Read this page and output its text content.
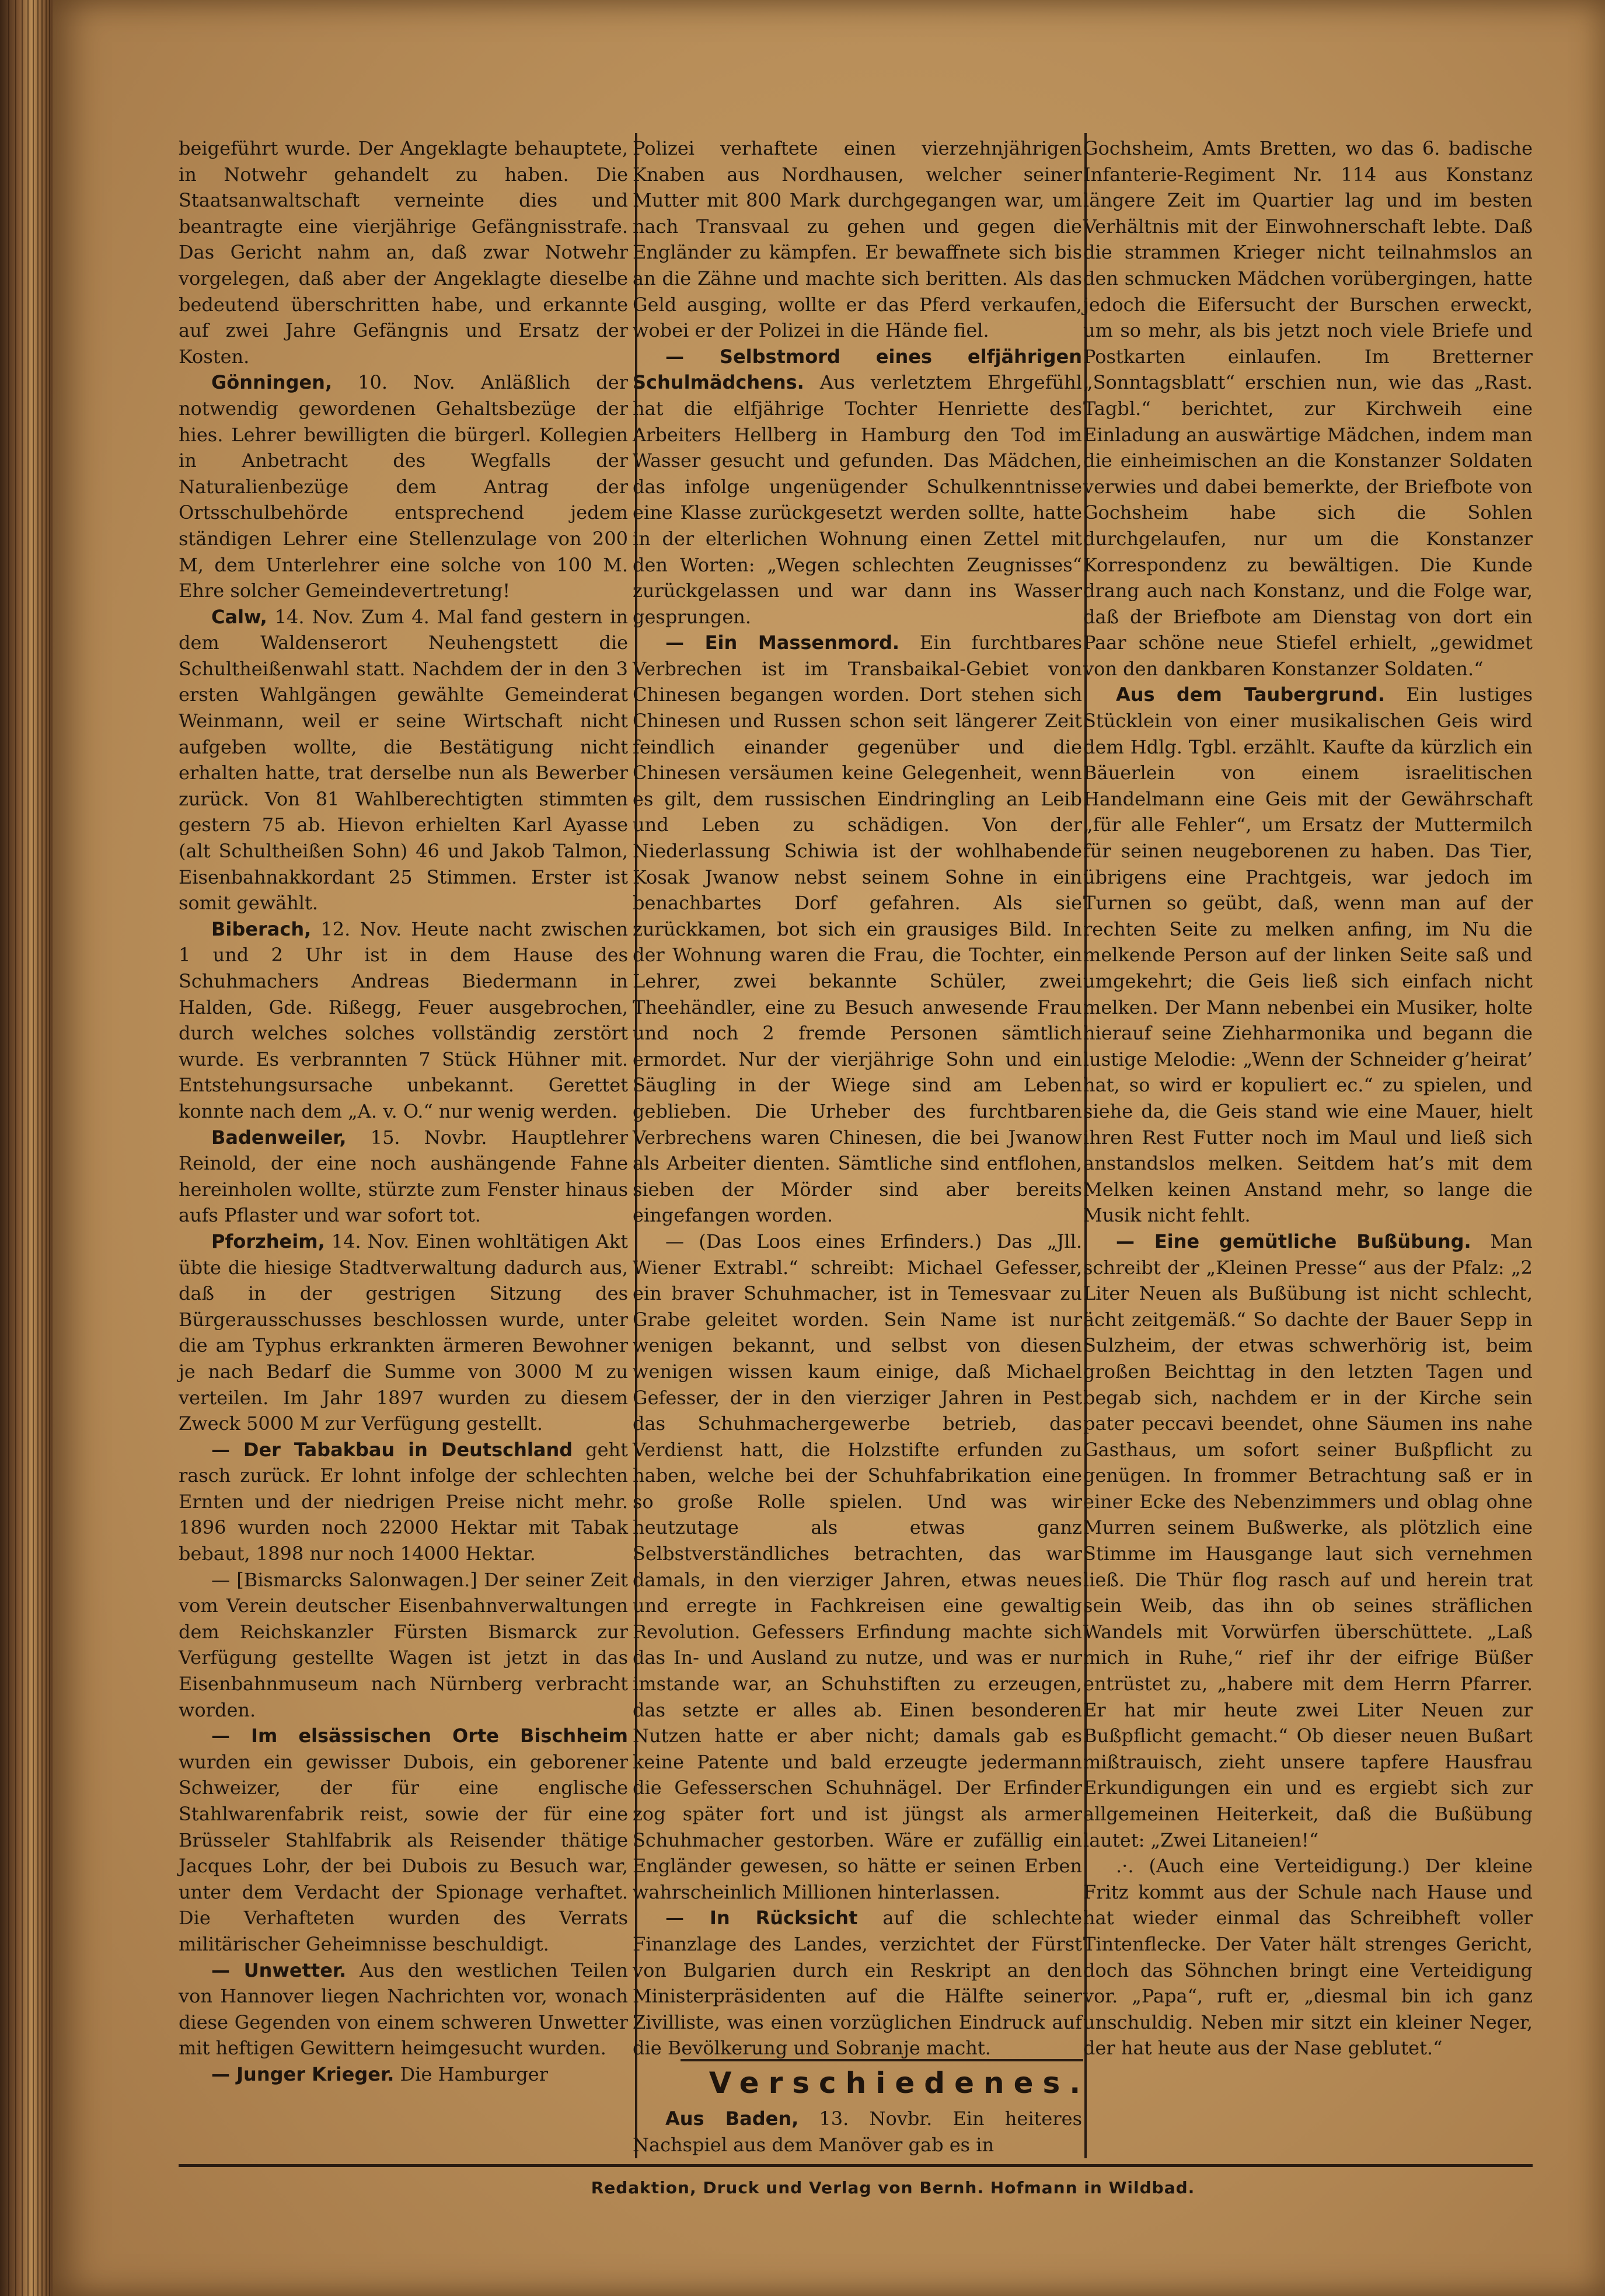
beigeführt wurde. Der Angeklagte behauptete, in Notwehr gehandelt zu haben. Die Staatsanwaltschaft verneinte dies und beantragte eine vierjährige Gefängnisstrafe. Das Gericht nahm an, daß zwar Notwehr vorgelegen, daß aber der Angeklagte dieselbe bedeutend überschritten habe, und erkannte auf zwei Jahre Gefängnis und Ersatz der Kosten.

Gönningen, 10. Nov. Anläßlich der notwendig gewordenen Gehaltsbezüge der hies. Lehrer bewilligten die bürgerl. Kollegien in Anbetracht des Wegfalls der Naturalienbezüge dem Antrag der Ortsschulbehörde entsprechend jedem ständigen Lehrer eine Stellenzulage von 200 M, dem Unterlehrer eine solche von 100 M. Ehre solcher Gemeindevertretung!

Calw, 14. Nov. Zum 4. Mal fand gestern in dem Waldenserort Neuhengstett die Schultheißenwahl statt. Nachdem der in den 3 ersten Wahlgängen gewählte Gemeinderat Weinmann, weil er seine Wirtschaft nicht aufgeben wollte, die Bestätigung nicht erhalten hatte, trat derselbe nun als Bewerber zurück. Von 81 Wahlberechtigten stimmten gestern 75 ab. Hievon erhielten Karl Ayasse (alt Schultheißen Sohn) 46 und Jakob Talmon, Eisenbahnakkordant 25 Stimmen. Erster ist somit gewählt.

Biberach, 12. Nov. Heute nacht zwischen 1 und 2 Uhr ist in dem Hause des Schuhmachers Andreas Biedermann in Halden, Gde. Rißegg, Feuer ausgebrochen, durch welches solches vollständig zerstört wurde. Es verbrannten 7 Stück Hühner mit. Entstehungsursache unbekannt. Gerettet konnte nach dem „A. v. O.“ nur wenig werden.

Badenweiler, 15. Novbr. Hauptlehrer Reinold, der eine noch aushängende Fahne hereinholen wollte, stürzte zum Fenster hinaus aufs Pflaster und war sofort tot.

Pforzheim, 14. Nov. Einen wohltätigen Akt übte die hiesige Stadtverwaltung dadurch aus, daß in der gestrigen Sitzung des Bürgerausschusses beschlossen wurde, unter die am Typhus erkrankten ärmeren Bewohner je nach Bedarf die Summe von 3000 M zu verteilen. Im Jahr 1897 wurden zu diesem Zweck 5000 M zur Verfügung gestellt.

— Der Tabakbau in Deutschland geht rasch zurück. Er lohnt infolge der schlechten Ernten und der niedrigen Preise nicht mehr. 1896 wurden noch 22000 Hektar mit Tabak bebaut, 1898 nur noch 14000 Hektar.

— [Bismarcks Salonwagen.] Der seiner Zeit vom Verein deutscher Eisenbahnverwaltungen dem Reichskanzler Fürsten Bismarck zur Verfügung gestellte Wagen ist jetzt in das Eisenbahnmuseum nach Nürnberg verbracht worden.

— Im elsässischen Orte Bischheim wurden ein gewisser Dubois, ein geborener Schweizer, der für eine englische Stahlwarenfabrik reist, sowie der für eine Brüsseler Stahlfabrik als Reisender thätige Jacques Lohr, der bei Dubois zu Besuch war, unter dem Verdacht der Spionage verhaftet. Die Verhafteten wurden des Verrats militärischer Geheimnisse beschuldigt.

— Unwetter. Aus den westlichen Teilen von Hannover liegen Nachrichten vor, wonach diese Gegenden von einem schweren Unwetter mit heftigen Gewittern heimgesucht wurden.

— Junger Krieger. Die Hamburger

Polizei verhaftete einen vierzehnjährigen Knaben aus Nordhausen, welcher seiner Mutter mit 800 Mark durchgegangen war, um nach Transvaal zu gehen und gegen die Engländer zu kämpfen. Er bewaffnete sich bis an die Zähne und machte sich beritten. Als das Geld ausging, wollte er das Pferd verkaufen, wobei er der Polizei in die Hände fiel.

— Selbstmord eines elfjährigen Schulmädchens. Aus verletztem Ehrgefühl hat die elfjährige Tochter Henriette des Arbeiters Hellberg in Hamburg den Tod im Wasser gesucht und gefunden. Das Mädchen, das infolge ungenügender Schulkenntnisse eine Klasse zurückgesetzt werden sollte, hatte in der elterlichen Wohnung einen Zettel mit den Worten: „Wegen schlechten Zeugnisses“ zurückgelassen und war dann ins Wasser gesprungen.

— Ein Massenmord. Ein furchtbares Verbrechen ist im Transbaikal-Gebiet von Chinesen begangen worden. Dort stehen sich Chinesen und Russen schon seit längerer Zeit feindlich einander gegenüber und die Chinesen versäumen keine Gelegenheit, wenn es gilt, dem russischen Eindringling an Leib und Leben zu schädigen. Von der Niederlassung Schiwia ist der wohlhabende Kosak Jwanow nebst seinem Sohne in ein benachbartes Dorf gefahren. Als sie zurückkamen, bot sich ein grausiges Bild. In der Wohnung waren die Frau, die Tochter, ein Lehrer, zwei bekannte Schüler, zwei Theehändler, eine zu Besuch anwesende Frau und noch 2 fremde Personen sämtlich ermordet. Nur der vierjährige Sohn und ein Säugling in der Wiege sind am Leben geblieben. Die Urheber des furchtbaren Verbrechens waren Chinesen, die bei Jwanow als Arbeiter dienten. Sämtliche sind entflohen, sieben der Mörder sind aber bereits eingefangen worden.

— (Das Loos eines Erfinders.) Das „Jll. Wiener Extrabl.“ schreibt: Michael Gefesser, ein braver Schuhmacher, ist in Temesvaar zu Grabe geleitet worden. Sein Name ist nur wenigen bekannt, und selbst von diesen wenigen wissen kaum einige, daß Michael Gefesser, der in den vierziger Jahren in Pest das Schuhmachergewerbe betrieb, das Verdienst hatt, die Holzstifte erfunden zu haben, welche bei der Schuhfabrikation eine so große Rolle spielen. Und was wir heutzutage als etwas ganz Selbstverständliches betrachten, das war damals, in den vierziger Jahren, etwas neues und erregte in Fachkreisen eine gewaltig Revolution. Gefessers Erfindung machte sich das In- und Ausland zu nutze, und was er nur imstande war, an Schuhstiften zu erzeugen, das setzte er alles ab. Einen besonderen Nutzen hatte er aber nicht; damals gab es keine Patente und bald erzeugte jedermann die Gefesserschen Schuhnägel. Der Erfinder zog später fort und ist jüngst als armer Schuhmacher gestorben. Wäre er zufällig ein Engländer gewesen, so hätte er seinen Erben wahrscheinlich Millionen hinterlassen.

— In Rücksicht auf die schlechte Finanzlage des Landes, verzichtet der Fürst von Bulgarien durch ein Reskript an den Ministerpräsidenten auf die Hälfte seiner Zivilliste, was einen vorzüglichen Eindruck auf die Bevölkerung und Sobranje macht.

Gochsheim, Amts Bretten, wo das 6. badische Infanterie-Regiment Nr. 114 aus Konstanz längere Zeit im Quartier lag und im besten Verhältnis mit der Einwohnerschaft lebte. Daß die strammen Krieger nicht teilnahmslos an den schmucken Mädchen vorübergingen, hatte jedoch die Eifersucht der Burschen erweckt, um so mehr, als bis jetzt noch viele Briefe und Postkarten einlaufen. Im Bretterner „Sonntagsblatt“ erschien nun, wie das „Rast. Tagbl.“ berichtet, zur Kirchweih eine Einladung an auswärtige Mädchen, indem man die einheimischen an die Konstanzer Soldaten verwies und dabei bemerkte, der Briefbote von Gochsheim habe sich die Sohlen durchgelaufen, nur um die Konstanzer Korrespondenz zu bewältigen. Die Kunde drang auch nach Konstanz, und die Folge war, daß der Briefbote am Dienstag von dort ein Paar schöne neue Stiefel erhielt, „gewidmet von den dankbaren Konstanzer Soldaten.“

Aus dem Taubergrund. Ein lustiges Stücklein von einer musikalischen Geis wird dem Hdlg. Tgbl. erzählt. Kaufte da kürzlich ein Bäuerlein von einem israelitischen Handelmann eine Geis mit der Gewährschaft „für alle Fehler“, um Ersatz der Muttermilch für seinen neugeborenen zu haben. Das Tier, übrigens eine Prachtgeis, war jedoch im Turnen so geübt, daß, wenn man auf der rechten Seite zu melken anfing, im Nu die melkende Person auf der linken Seite saß und umgekehrt; die Geis ließ sich einfach nicht melken. Der Mann nebenbei ein Musiker, holte hierauf seine Ziehharmonika und begann die lustige Melodie: „Wenn der Schneider g’heirat’ hat, so wird er kopuliert ec.“ zu spielen, und siehe da, die Geis stand wie eine Mauer, hielt ihren Rest Futter noch im Maul und ließ sich anstandslos melken. Seitdem hat’s mit dem Melken keinen Anstand mehr, so lange die Musik nicht fehlt.

— Eine gemütliche Bußübung. Man schreibt der „Kleinen Presse“ aus der Pfalz: „2 Liter Neuen als Bußübung ist nicht schlecht, ächt zeitgemäß.“ So dachte der Bauer Sepp in Sulzheim, der etwas schwerhörig ist, beim großen Beichttag in den letzten Tagen und begab sich, nachdem er in der Kirche sein pater peccavi beendet, ohne Säumen ins nahe Gasthaus, um sofort seiner Bußpflicht zu genügen. In frommer Betrachtung saß er in einer Ecke des Nebenzimmers und oblag ohne Murren seinem Bußwerke, als plötzlich eine Stimme im Hausgange laut sich vernehmen ließ. Die Thür flog rasch auf und herein trat sein Weib, das ihn ob seines sträflichen Wandels mit Vorwürfen überschüttete. „Laß mich in Ruhe,“ rief ihr der eifrige Büßer entrüstet zu, „habere mit dem Herrn Pfarrer. Er hat mir heute zwei Liter Neuen zur Bußpflicht gemacht.“ Ob dieser neuen Bußart mißtrauisch, zieht unsere tapfere Hausfrau Erkundigungen ein und es ergiebt sich zur allgemeinen Heiterkeit, daß die Bußübung lautet: „Zwei Litaneien!“

.·. (Auch eine Verteidigung.) Der kleine Fritz kommt aus der Schule nach Hause und hat wieder einmal das Schreibheft voller Tintenflecke. Der Vater hält strenges Gericht, doch das Söhnchen bringt eine Verteidigung vor. „Papa“, ruft er, „diesmal bin ich ganz unschuldig. Neben mir sitzt ein kleiner Neger, der hat heute aus der Nase geblutet.“

Verschiedenes.

Aus Baden, 13. Novbr. Ein heiteres Nachspiel aus dem Manöver gab es in

Redaktion, Druck und Verlag von Bernh. Hofmann in Wildbad.
